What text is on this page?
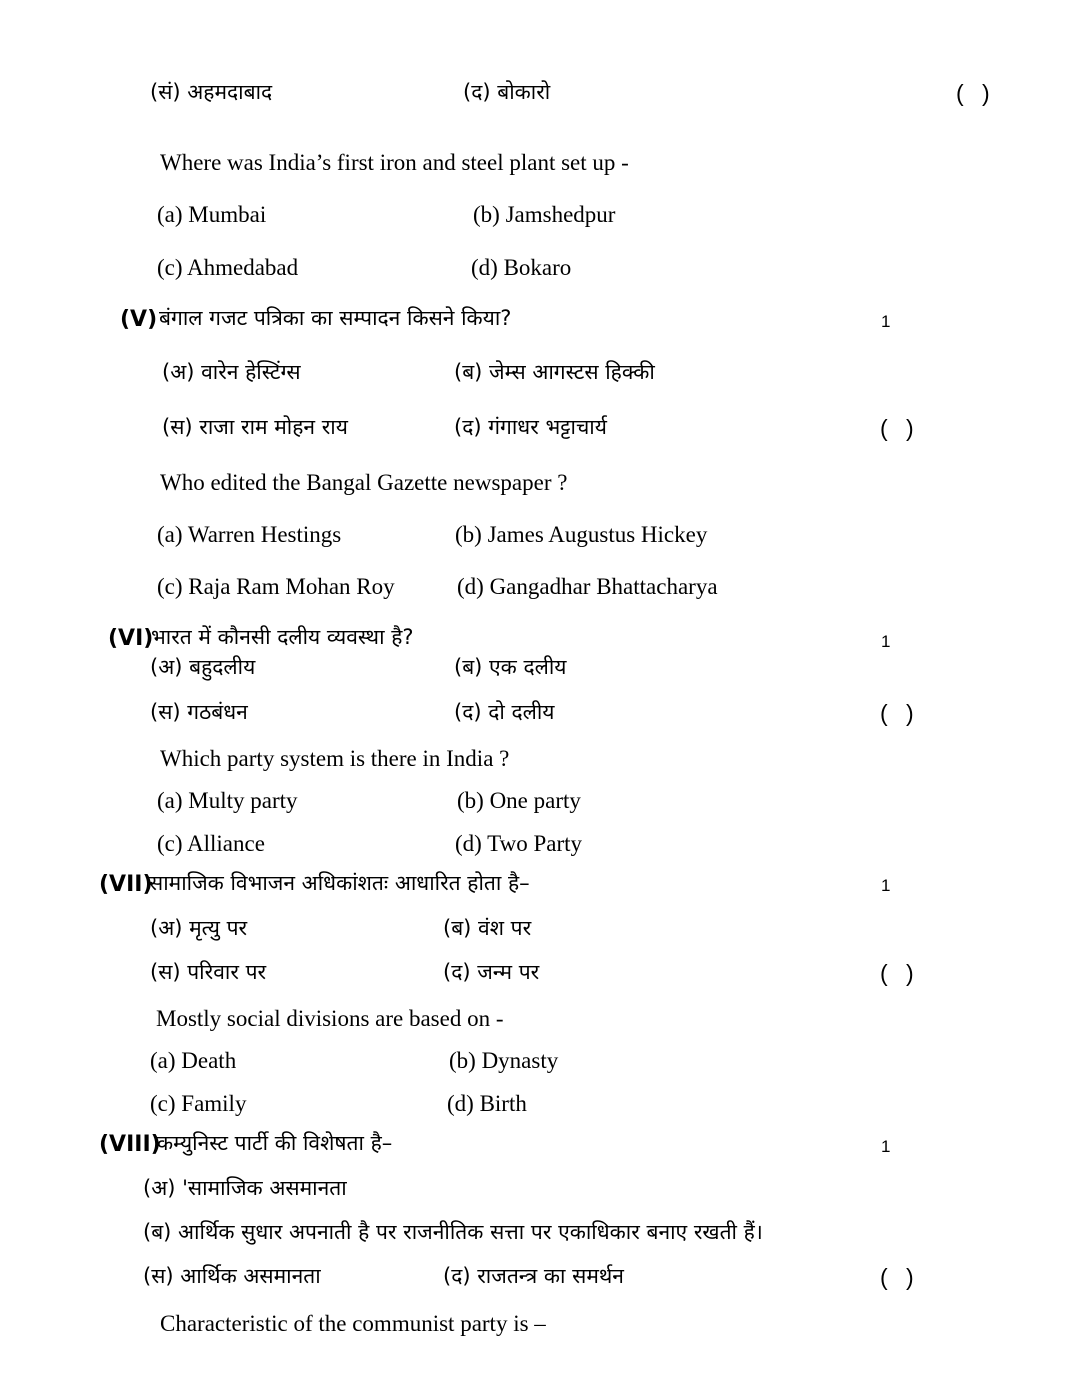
(सं) अहमदाबाद	(द) बोकारो	( )
Where was India’s first iron and steel plant set up -
(a) Mumbai	(b) Jamshedpur
(c) Ahmedabad	(d) Bokaro
(V) बंगाल गजट पत्रिका का सम्पादन किसने किया?	1
(अ) वारेन हेस्टिंग्स	(ब) जेम्स आगस्टस हिक्की
(स) राजा राम मोहन राय	(द) गंगाधर भट्टाचार्य	( )
Who edited the Bangal Gazette newspaper ?
(a) Warren Hestings	(b) James Augustus Hickey
(c) Raja Ram Mohan Roy	(d) Gangadhar Bhattacharya
(VI)
भारत में कौनसी दलीय व्यवस्था है?	1
(अ) बहुदलीय	(ब) एक दलीय
(स) गठबंधन	(द) दो दलीय	( )
Which party system is there in India ?
(a) Multy party	(b) One party
(c) Alliance	(d) Two Party
(VII)
सामाजिक विभाजन अधिकांशतः आधारित होता है–	1
(अ) मृत्यु पर	(ब) वंश पर
(स) परिवार पर	(द) जन्म पर	( )
Mostly social divisions are based on -
(a) Death	(b) Dynasty
(c) Family	(d) Birth
(VIII)
कम्युनिस्ट पार्टी की विशेषता है–	1
(अ) 'सामाजिक असमानता
(ब) आर्थिक सुधार अपनाती है पर राजनीतिक सत्ता पर एकाधिकार बनाए रखती हैं।
(स) आर्थिक असमानता	(द) राजतन्त्र का समर्थन	( )
Characteristic of the communist party is –
